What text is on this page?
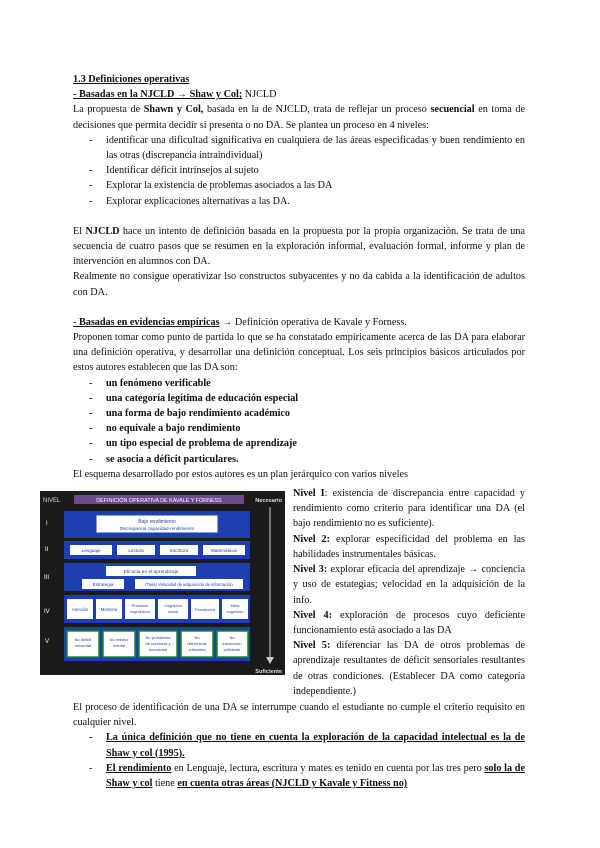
1.3 Definiciones operativas

- Basadas en la NJCLD → Shaw y Col; NJCLD

La propuesta de Shawn y Col, basada en la de NJCLD, trata de reflejar un proceso secuencial en toma de decisiones que permita decidir si presenta o no DA. Se plantea un proceso en 4 niveles:

- identificar una dificultad significativa en cualquiera de las áreas especificadas y buen rendimiento en las otras (discrepancia intraindividual)
- Identificar déficit intrínsejos al sujeto
- Explorar la existencia de problemas asociados a las DA
- Explorar explicaciones alternativas a las DA.

El NJCLD hace un intento de definición basada en la propuesta por la propia organización. Se trata de una secuencia de cuatro pasos que se resumen en la exploración informal, evaluación formal, informe y plan de intervención en alumnos con DA.

Realmente no consigue operativizar lso constructos subyacentes y no da cabida a la identificación de adultos con DA.

- Basadas en evidencias empíricas → Definición operativa de Kavale y Forness.

Proponen tomar como punto de partida lo que se ha constatado empíricamente acerca de las DA para elaborar una definición operativa, y desarrollar una definición conceptual. Los seis principios básicos articulados por estos autores establecen que las DA son:

- un fenómeno verificable
- una categoría legítima de educación especial
- una forma de bajo rendimiento académico
- no equivale a bajo rendimiento
- un tipo especial de problema de aprendizaje
- se asocia a déficit particulares.

El esquema desarrollado por estos autores es un plan jerárquico con varios niveles

NIVEL	DEFINICIÓN OPERATIVA DE KAVALE Y FORNESS	Necesario
Suficiente
I
II
III
IV
V
Bajo rendimiento
Discrepancia capacidad-rendimiento
Lenguaje	Lectura	Escritura	Matemáticas
Eficacia en el aprendizaje
Estrategia	(Tasa) Velocidad de adquisición de información
Atención	Memoria
Procesos
lingüísticos
Cognición
social	Percepción
Meta
cognición
No déficit sensorial
No retraso mental
No problemas de conducta y emocional
No diferencias culturales
No instrucción suficiente

Nivel I: existencia de discrepancia entre capacidad y rendimiento como criterio para identificar una DA (el bajo rendimiento no es suficiente).

Nivel 2: explorar especificidad del problema en las habilidades instrumentales básicas.

Nivel 3: explorar eficacia del aprendizaje → conciencia y uso de estategias; velocidad en la adquisición de la info.

Nivel 4: exploración de procesos cuyo deficiente funcionamiento está asociado a las DA

Nivel 5: diferenciar las DA de otros problemas de aprendizaje resultantes de déficit sensoriales resultantes de otras condiciones. (Establecer DA como categoría independiente.)

El proceso de identificación de una DA se interrumpe cuando el estudiante no cumple el criterio requisito en cualquier nivel.

- La única definición que no tiene en cuenta la exploración de la capacidad intelectual es la de Shaw y col (1995).
- El rendimiento en Lenguaje, lectura, escritura y mates es tenido en cuenta por las tres pero solo la de Shaw y col tiene en cuenta otras áreas (NJCLD y Kavale y Fitness no)
